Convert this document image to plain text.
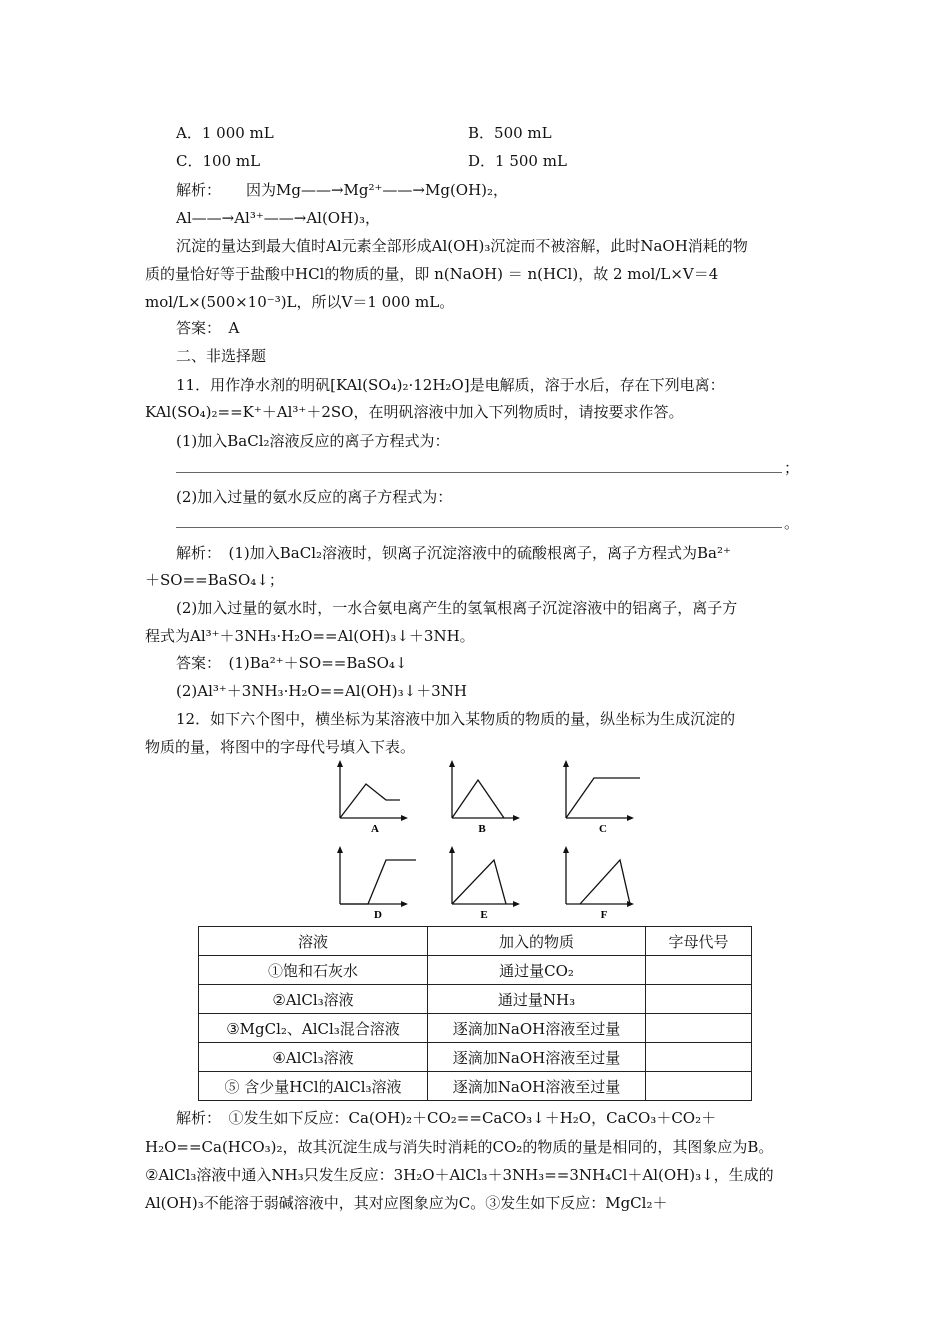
A．1 000 mL	B．500 mL
C．100 mL	D．1 500 mL
解析： 因为Mg——→Mg²⁺——→Mg(OH)₂，
Al——→Al³⁺——→Al(OH)₃，
沉淀的量达到最大值时Al元素全部形成Al(OH)₃沉淀而不被溶解，此时NaOH消耗的物
质的量恰好等于盐酸中HCl的物质的量，即 n(NaOH) ＝ n(HCl)，故 2 mol/L×V＝4
mol/L×(500×10⁻³)L，所以V＝1 000 mL。
答案：　A
二、非选择题
11．用作净水剂的明矾[KAl(SO₄)₂·12H₂O]是电解质，溶于水后，存在下列电离：
KAl(SO₄)₂==K⁺＋Al³⁺＋2SO，在明矾溶液中加入下列物质时，请按要求作答。
(1)加入BaCl₂溶液反应的离子方程式为：
；
(2)加入过量的氨水反应的离子方程式为：
。
解析：　(1)加入BaCl₂溶液时，钡离子沉淀溶液中的硫酸根离子，离子方程式为Ba²⁺
＋SO==BaSO₄↓；
(2)加入过量的氨水时，一水合氨电离产生的氢氧根离子沉淀溶液中的铝离子，离子方
程式为Al³⁺＋3NH₃·H₂O==Al(OH)₃↓＋3NH。
答案：　(1)Ba²⁺＋SO==BaSO₄↓
(2)Al³⁺＋3NH₃·H₂O==Al(OH)₃↓＋3NH
12．如下六个图中，横坐标为某溶液中加入某物质的物质的量，纵坐标为生成沉淀的
物质的量，将图中的字母代号填入下表。
A	B	C
D	E	F
溶液	加入的物质	字母代号
①饱和石灰水	通过量CO₂	
②AlCl₃溶液	通过量NH₃	
③MgCl₂、AlCl₃混合溶液	逐滴加NaOH溶液至过量	
④AlCl₃溶液	逐滴加NaOH溶液至过量	
⑤ 含少量HCl的AlCl₃溶液	逐滴加NaOH溶液至过量	
解析：　①发生如下反应：Ca(OH)₂＋CO₂==CaCO₃↓＋H₂O，CaCO₃＋CO₂＋
H₂O==Ca(HCO₃)₂，故其沉淀生成与消失时消耗的CO₂的物质的量是相同的，其图象应为B。
②AlCl₃溶液中通入NH₃只发生反应：3H₂O＋AlCl₃＋3NH₃==3NH₄Cl＋Al(OH)₃↓，生成的
Al(OH)₃不能溶于弱碱溶液中，其对应图象应为C。③发生如下反应：MgCl₂＋
